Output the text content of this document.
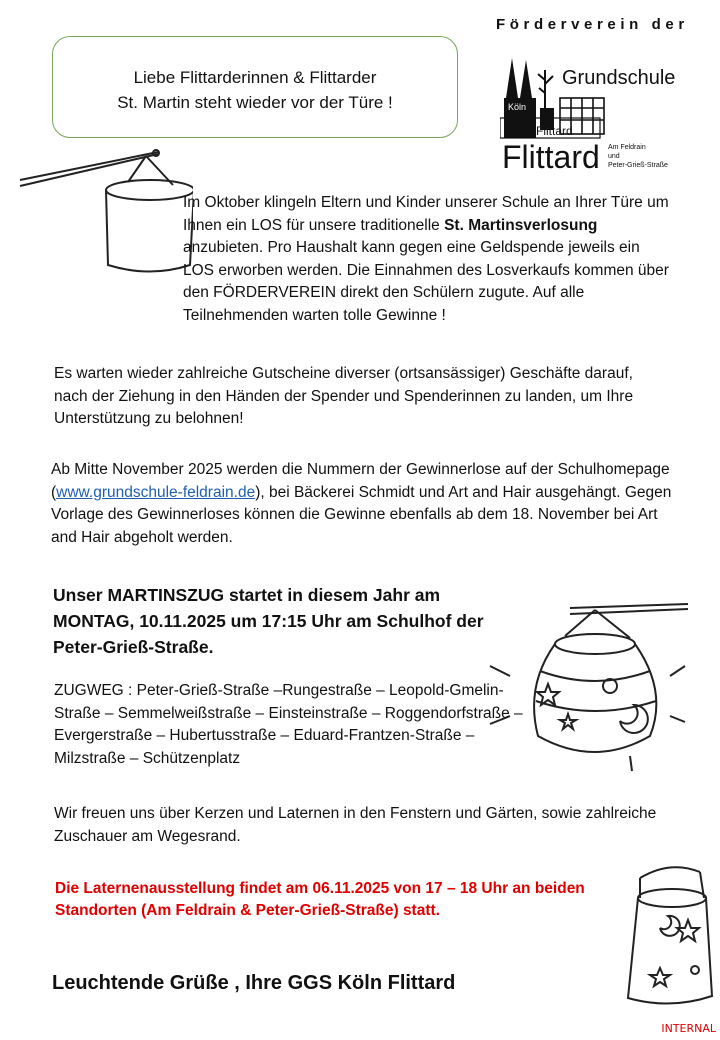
Förderverein der
Liebe Flittarderinnen & Flittarder
St. Martin steht wieder vor der Türe !	Köln
Flittard
Grundschule
Flittard Am Feldrain
und
Peter-Grieß-Straße

Im Oktober klingeln Eltern und Kinder unserer Schule an Ihrer Türe um Ihnen ein LOS für unsere traditionelle St. Martinsverlosung anzubieten. Pro Haushalt kann gegen eine Geldspende jeweils ein LOS erworben werden. Die Einnahmen des Losverkaufs kommen über den FÖRDERVEREIN direkt den Schülern zugute. Auf alle Teilnehmenden warten tolle Gewinne !

Es warten wieder zahlreiche Gutscheine diverser (ortsansässiger) Geschäfte darauf, nach der Ziehung in den Händen der Spender und Spenderinnen zu landen, um Ihre Unterstützung zu belohnen!

Ab Mitte November 2025 werden die Nummern der Gewinnerlose auf der Schulhomepage (www.grundschule-feldrain.de), bei Bäckerei Schmidt und Art and Hair ausgehängt. Gegen Vorlage des Gewinnerloses können die Gewinne ebenfalls ab dem 18. November bei Art and Hair abgeholt werden.

Unser MARTINSZUG startet in diesem Jahr am MONTAG, 10.11.2025 um 17:15 Uhr am Schulhof der Peter-Grieß-Straße.

ZUGWEG : Peter-Grieß-Straße –Rungestraße – Leopold-Gmelin-Straße – Semmelweißstraße – Einsteinstraße – Roggendorfstraße – Evergerstraße – Hubertusstraße – Eduard-Frantzen-Straße – Milzstraße – Schützenplatz

Wir freuen uns über Kerzen und Laternen in den Fenstern und Gärten, sowie zahlreiche Zuschauer am Wegesrand.

Die Laternenausstellung findet am 06.11.2025 von 17 – 18 Uhr an beiden Standorten (Am Feldrain & Peter-Grieß-Straße) statt.

Leuchtende Grüße , Ihre GGS Köln Flittard
INTERNAL
